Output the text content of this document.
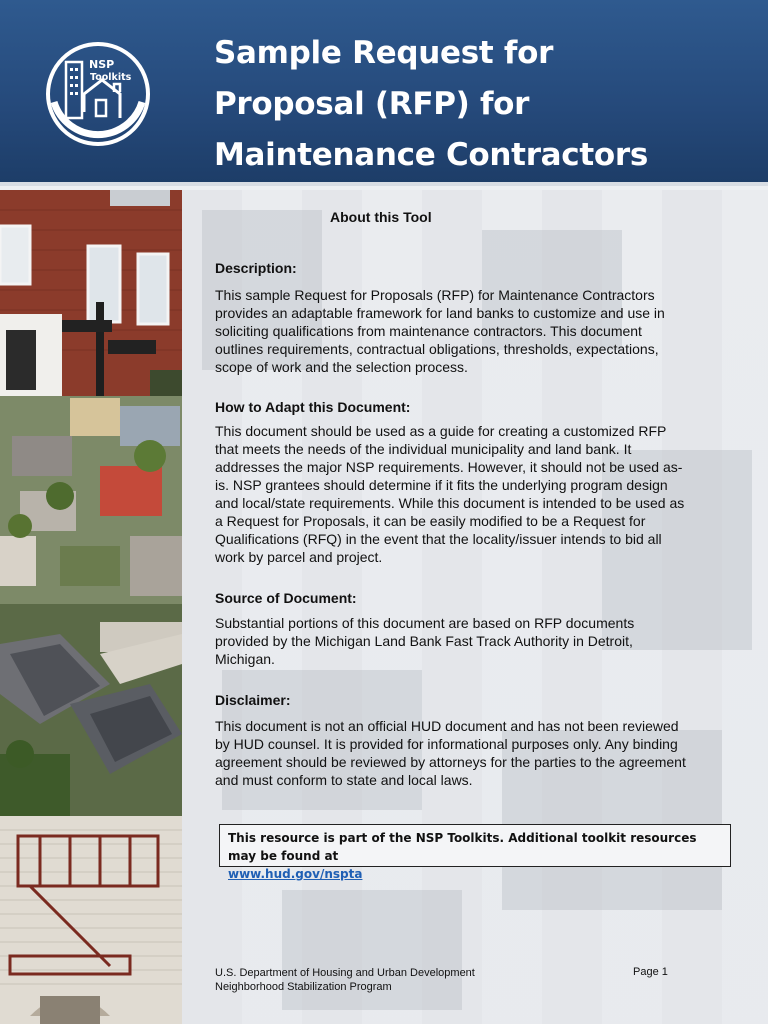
NSP
Toolkits
Sample Request for
Proposal (RFP) for
Maintenance Contractors
About this Tool
Description:
This sample Request for Proposals (RFP) for Maintenance Contractors
provides an adaptable framework for land banks to customize and use in
soliciting qualifications from maintenance contractors. This document
outlines requirements, contractual obligations, thresholds, expectations,
scope of work and the selection process.
How to Adapt this Document:
This document should be used as a guide for creating a customized RFP
that meets the needs of the individual municipality and land bank. It
addresses the major NSP requirements. However, it should not be used as-
is. NSP grantees should determine if it fits the underlying program design
and local/state requirements. While this document is intended to be used as
a Request for Proposals, it can be easily modified to be a Request for
Qualifications (RFQ) in the event that the locality/issuer intends to bid all
work by parcel and project.
Source of Document:
Substantial portions of this document are based on RFP documents
provided by the Michigan Land Bank Fast Track Authority in Detroit,
Michigan.
Disclaimer:
This document is not an official HUD document and has not been reviewed
by HUD counsel. It is provided for informational purposes only. Any binding
agreement should be reviewed by attorneys for the parties to the agreement
and must conform to state and local laws.
This resource is part of the NSP Toolkits. Additional toolkit resources may be found at
www.hud.gov/nspta
U.S. Department of Housing and Urban Development
Neighborhood Stabilization Program
Page 1
